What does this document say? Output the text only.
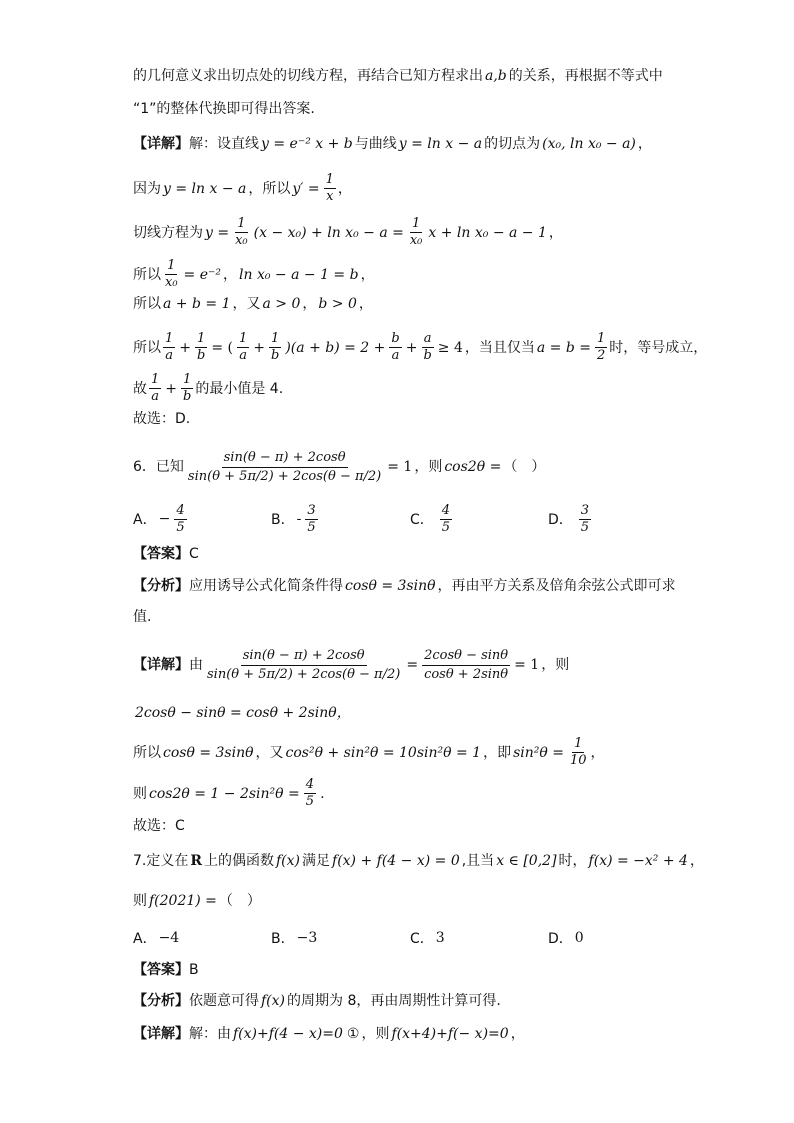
的几何意义求出切点处的切线方程，再结合已知方程求出 a,b 的关系，再根据不等式中
“1”的整体代换即可得出答案.
【详解】 解：设直线 y = e⁻² x + b 与曲线 y = ln x − a 的切点为 (x₀, ln x₀ − a) ，
因为 y = ln x − a ，所以 $y' = \frac{1}{x}$ ，
切线方程为 $y = \frac{1}{\text{x₀}} (x - x_0) + \ln x_0 - a = \frac{1}{\text{x₀}}$ x + ln x₀ − a − 1 ，
所以 $\frac{1}{\text{x₀}} = e^{-2}$ ， ln x₀ − a − 1 = b ，
所以 a + b = 1 ，又 a > 0 ， b > 0 ，
所以 $\frac{1}{a} + \frac{1}{b}$ = ( $\frac{1}{a} + \frac{1}{b} )(a + b) = 2 + \frac{b}{a} + \frac{a}{b} \ge 4$ ，当且仅当 $a = b = \frac{1}{2}$ 时，等号成立，
故 $\frac{1}{a} + \frac{1}{b}$ 的最小值是 4.
故选：D.
6． 已知 $\frac{\sin(\theta - \pi) + 2\cos\theta}{\sin(\theta + 5\pi/2) + 2\cos(\theta - \pi/2)} = 1$ ，则 cos2θ = （　）
A． − $\frac{4}{5}$	B． - $\frac{3}{5}$	C． $\frac{4}{5}$	D． $\frac{3}{5}$
【答案】 C
【分析】 应用诱导公式化简条件得 cosθ = 3sinθ ，再由平方关系及倍角余弦公式即可求
值.
【详解】 由 $\frac{\sin(\theta - \pi) + 2\cos\theta}{\sin(\theta + 5\pi/2) + 2\cos(\theta - \pi/2)} = \frac{2\cos\theta - \sin\theta}{\cos\theta + 2\sin\theta} = 1$ ，则
2cosθ − sinθ = cosθ + 2sinθ，
所以 cosθ = 3sinθ ，又 cos²θ + sin²θ = 10sin²θ = 1 ，即 $\sin^2\theta = \frac{1}{10}$ ，
则 $\cos 2\theta = 1 - 2\sin^2\theta = \frac{4}{5}$ .
故选：C
7.定义在 R 上的偶函数 f(x) 满足 f(x) + f(4 − x) = 0 ,且当 x ∈ [0,2] 时， f(x) = −x² + 4 ，
则 f(2021) = （　）
A． −4	B． −3	C． 3	D． 0
【答案】 B
【分析】 依题意可得 f(x) 的周期为 8，再由周期性计算可得.
【详解】 解：由 f(x)+f(4 − x)=0 ① ，则 f(x+4)+f(− x)=0 ，
